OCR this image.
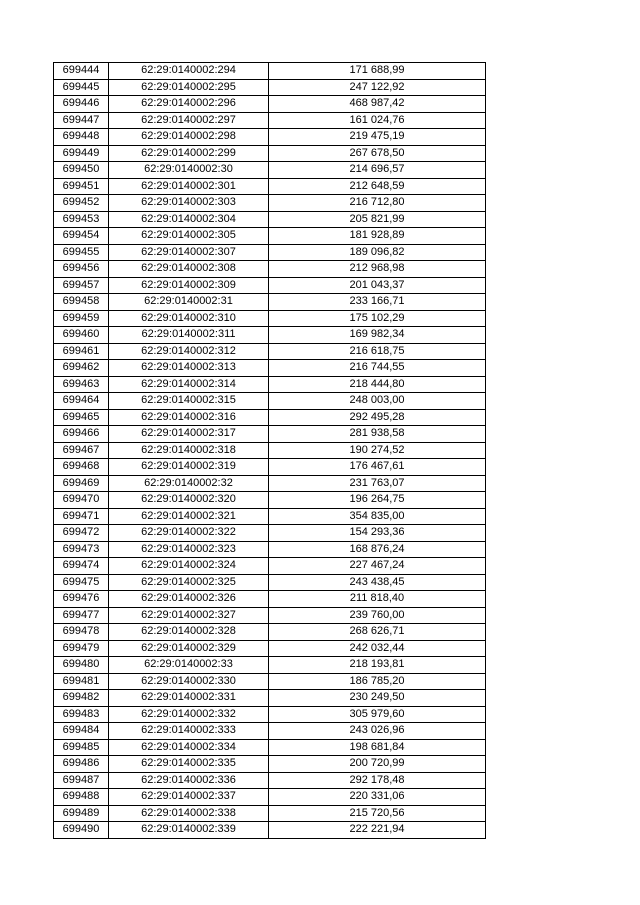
699444	62:29:0140002:294	171 688,99
699445	62:29:0140002:295	247 122,92
699446	62:29:0140002:296	468 987,42
699447	62:29:0140002:297	161 024,76
699448	62:29:0140002:298	219 475,19
699449	62:29:0140002:299	267 678,50
699450	62:29:0140002:30	214 696,57
699451	62:29:0140002:301	212 648,59
699452	62:29:0140002:303	216 712,80
699453	62:29:0140002:304	205 821,99
699454	62:29:0140002:305	181 928,89
699455	62:29:0140002:307	189 096,82
699456	62:29:0140002:308	212 968,98
699457	62:29:0140002:309	201 043,37
699458	62:29:0140002:31	233 166,71
699459	62:29:0140002:310	175 102,29
699460	62:29:0140002:311	169 982,34
699461	62:29:0140002:312	216 618,75
699462	62:29:0140002:313	216 744,55
699463	62:29:0140002:314	218 444,80
699464	62:29:0140002:315	248 003,00
699465	62:29:0140002:316	292 495,28
699466	62:29:0140002:317	281 938,58
699467	62:29:0140002:318	190 274,52
699468	62:29:0140002:319	176 467,61
699469	62:29:0140002:32	231 763,07
699470	62:29:0140002:320	196 264,75
699471	62:29:0140002:321	354 835,00
699472	62:29:0140002:322	154 293,36
699473	62:29:0140002:323	168 876,24
699474	62:29:0140002:324	227 467,24
699475	62:29:0140002:325	243 438,45
699476	62:29:0140002:326	211 818,40
699477	62:29:0140002:327	239 760,00
699478	62:29:0140002:328	268 626,71
699479	62:29:0140002:329	242 032,44
699480	62:29:0140002:33	218 193,81
699481	62:29:0140002:330	186 785,20
699482	62:29:0140002:331	230 249,50
699483	62:29:0140002:332	305 979,60
699484	62:29:0140002:333	243 026,96
699485	62:29:0140002:334	198 681,84
699486	62:29:0140002:335	200 720,99
699487	62:29:0140002:336	292 178,48
699488	62:29:0140002:337	220 331,06
699489	62:29:0140002:338	215 720,56
699490	62:29:0140002:339	222 221,94
